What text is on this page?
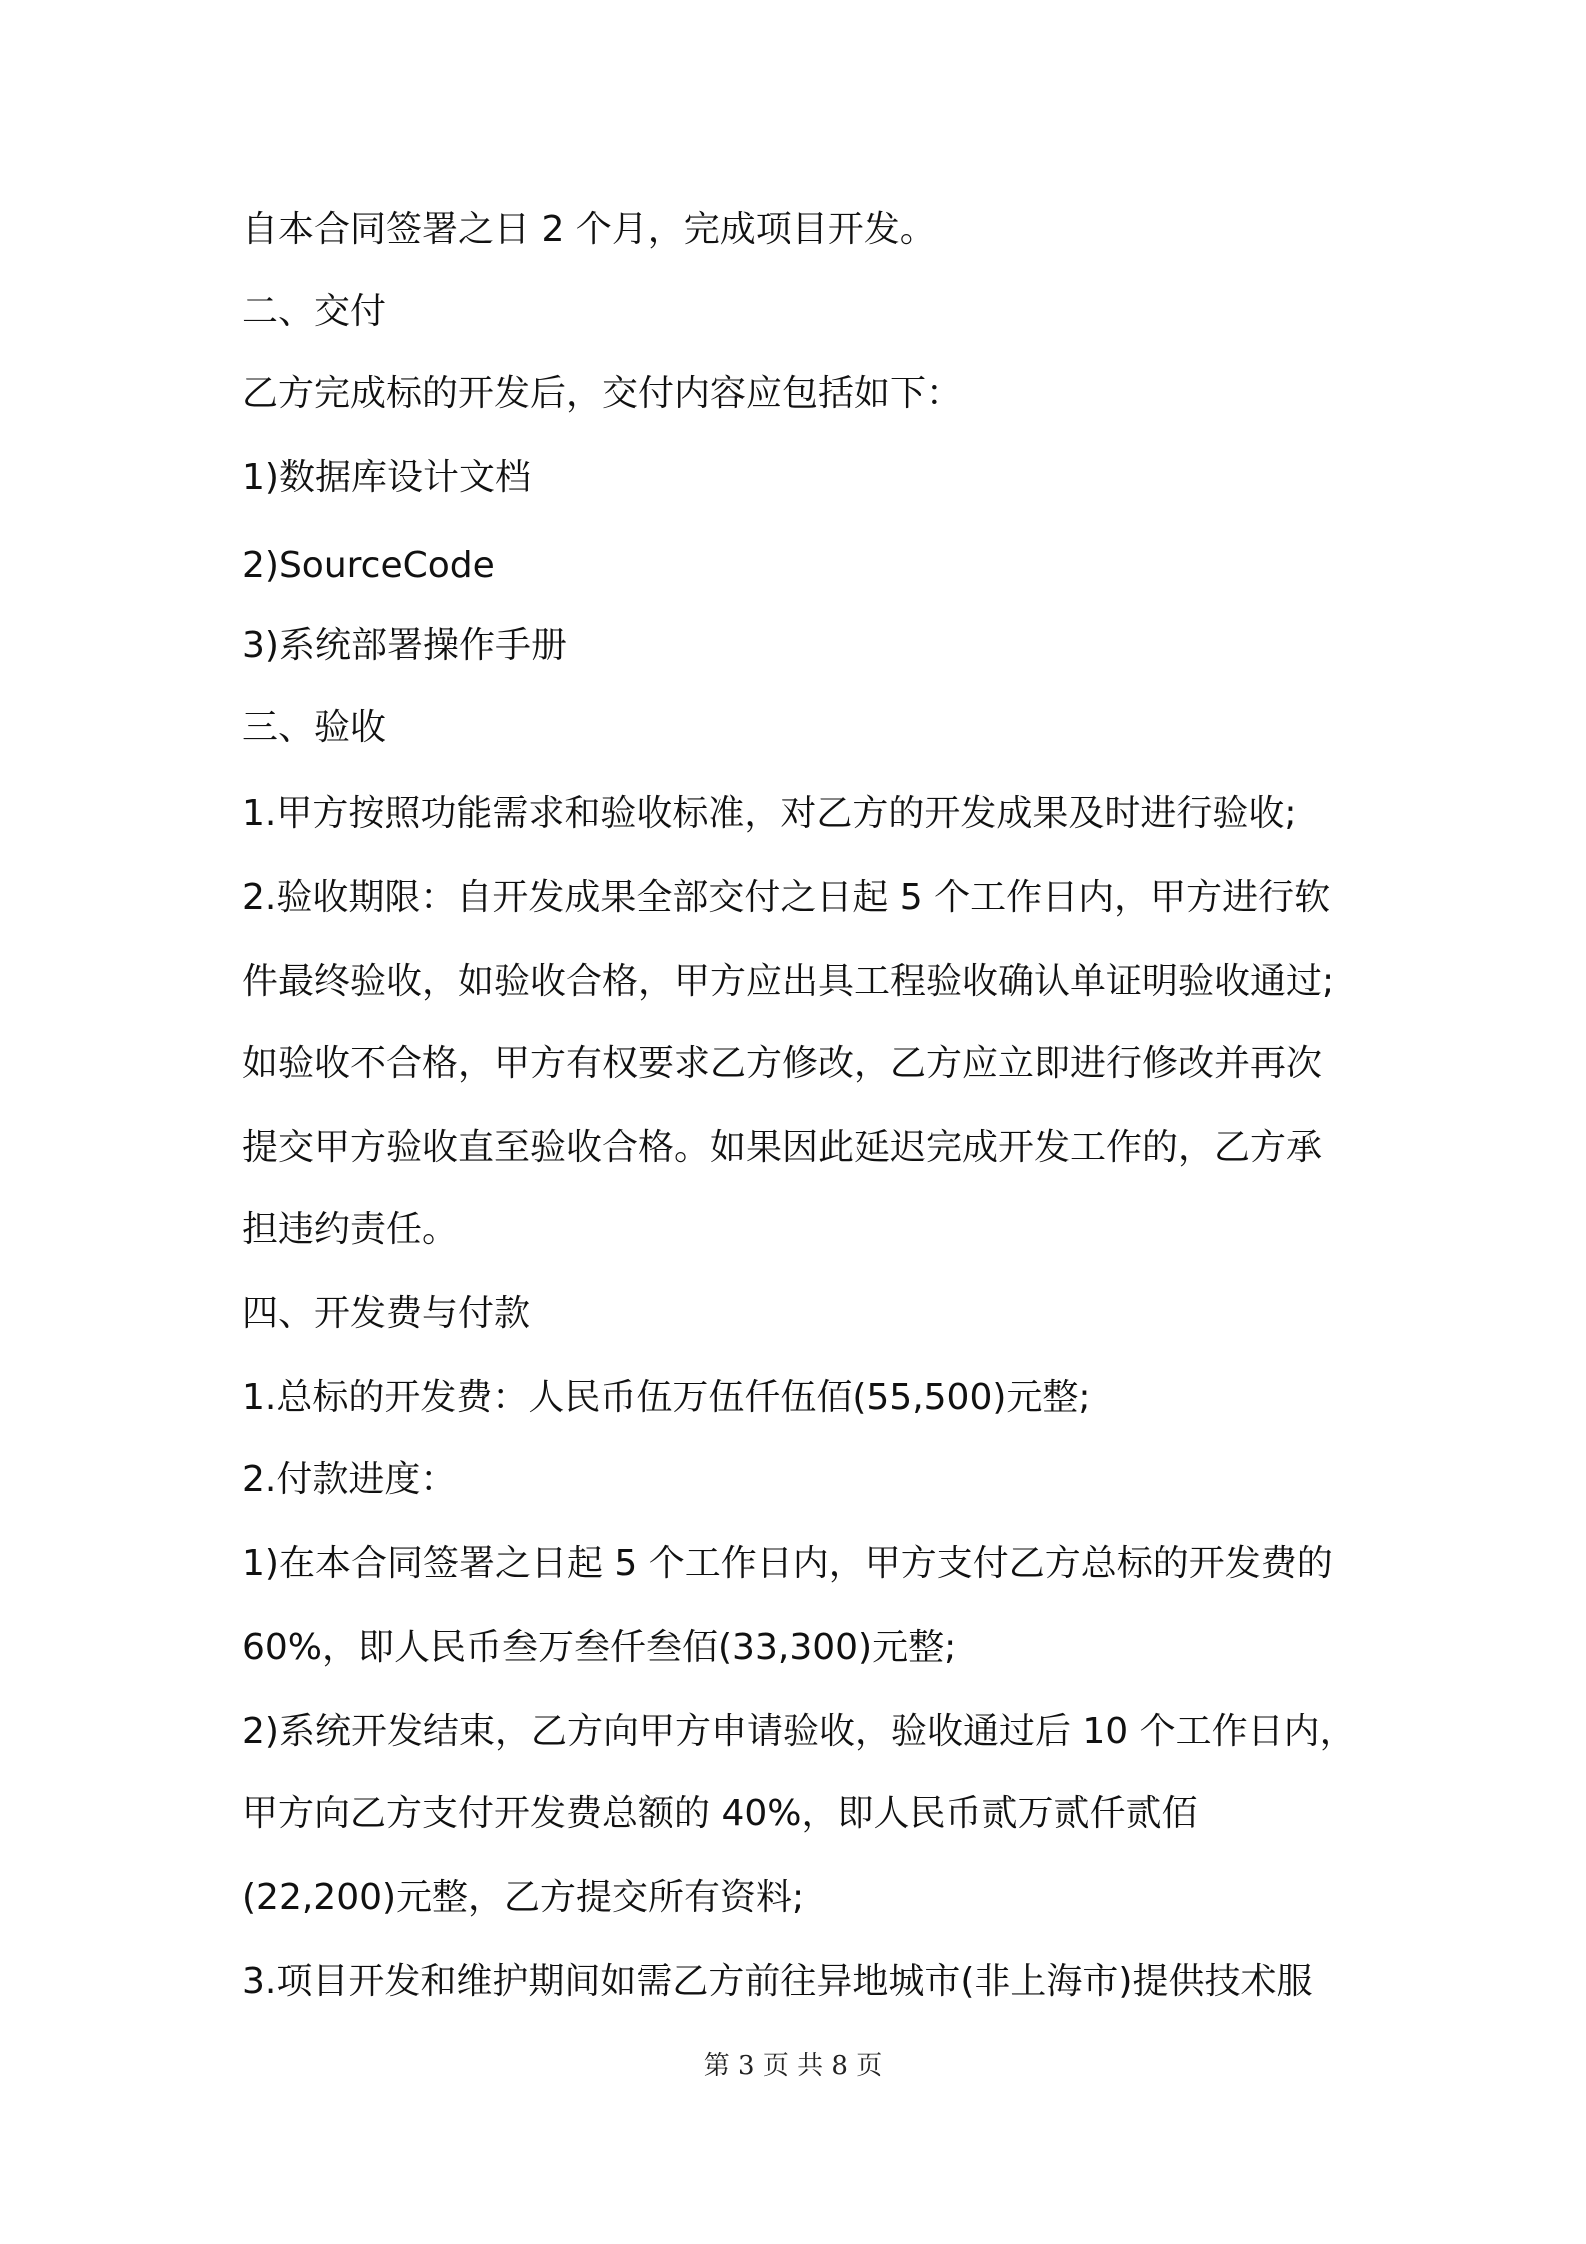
自本合同签署之日 2 个月，完成项目开发。

二、交付

乙方完成标的开发后，交付内容应包括如下：

1)数据库设计文档

2)SourceCode

3)系统部署操作手册

三、验收

1.甲方按照功能需求和验收标准，对乙方的开发成果及时进行验收;

2.验收期限：自开发成果全部交付之日起 5 个工作日内，甲方进行软

件最终验收，如验收合格，甲方应出具工程验收确认单证明验收通过;

如验收不合格，甲方有权要求乙方修改，乙方应立即进行修改并再次

提交甲方验收直至验收合格。如果因此延迟完成开发工作的，乙方承

担违约责任。

四、开发费与付款

1.总标的开发费：人民币伍万伍仟伍佰(55,500)元整;

2.付款进度：

1)在本合同签署之日起 5 个工作日内，甲方支付乙方总标的开发费的

60%，即人民币叁万叁仟叁佰(33,300)元整;

2)系统开发结束，乙方向甲方申请验收，验收通过后 10 个工作日内，

甲方向乙方支付开发费总额的 40%，即人民币贰万贰仟贰佰

(22,200)元整，乙方提交所有资料;

3.项目开发和维护期间如需乙方前往异地城市(非上海市)提供技术服

第 3 页 共 8 页
